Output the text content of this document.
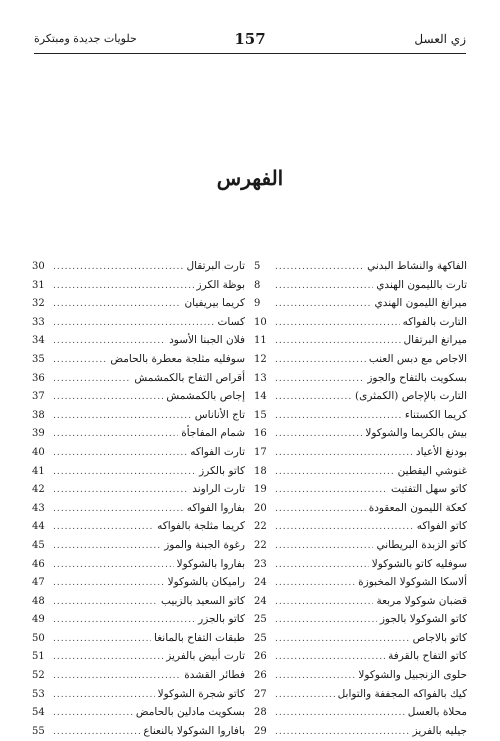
زي العسل
157
حلويات جديدة ومبتكرة
الفهرس
الفاكهة والنشاط البدني
.....
5
تارت بالليمون الهندي
.....
8
ميرانغ الليمون الهندي
.....
9
التارت بالفواكه
.....
10
ميرانغ البرتقال
.....
11
الاجاص مع دبس العنب
.....
12
بسكويت بالتفاح والجوز
.....
13
التارت بالإجاص (الكمثرى)
.....
14
كريما الكستناء
.....
15
بيش بالكريما والشوكولا
.....
16
بودنغ الأعياد
.....
17
غنوشي اليقطين
.....
18
كاتو سهل التفتيت
.....
19
كعكة الليمون المعقودة
.....
20
كاتو الفواكه
.....
22
كاتو الزبدة البريطاني
.....
22
سوفليه كاتو بالشوكولا
.....
23
ألاسكا الشوكولا المخبوزة
.....
24
قضبان شوكولا مربعة
.....
24
كاتو الشوكولا بالجوز
.....
25
كاتو بالاجاص
.....
25
كاتو التفاح بالقرفة
.....
26
حلوى الزنجبيل والشوكولا
.....
26
كيك بالفواكه المجففة والتوابل
.....
27
محلاة بالعسل
.....
28
جيليه بالفريز
.....
29
تارت البرتقال
.....
30
بوظة الكرز
.....
31
كريما بيريفيان
.....
32
كسات
.....
33
فلان الجبنا الأسود
.....
34
سوفليه مثلجة معطرة بالحامض
.....
35
أقراص التفاح بالكمشمش
.....
36
إجاص بالكمشمش
.....
37
تاج الأناناس
.....
38
شمام المفاجأة
.....
39
تارت الفواكه
.....
40
كاتو بالكرز
.....
41
تارت الراوند
.....
42
بفاروا الفواكه
.....
43
كريما مثلجة بالفواكه
.....
44
رغوة الجبنة والموز
.....
45
بفاروا بالشوكولا
.....
46
راميكان بالشوكولا
.....
47
كاتو السعيد بالزبيب
.....
48
كاتو بالجزر
.....
49
طبقات التفاح بالمانغا
.....
50
تارت أبيض بالفريز
.....
51
فطائر القشدة
.....
52
كاتو شجرة الشوكولا
.....
53
بسكويت مادلين بالحامض
.....
54
بافاروا الشوكولا بالنعناع
.....
55
